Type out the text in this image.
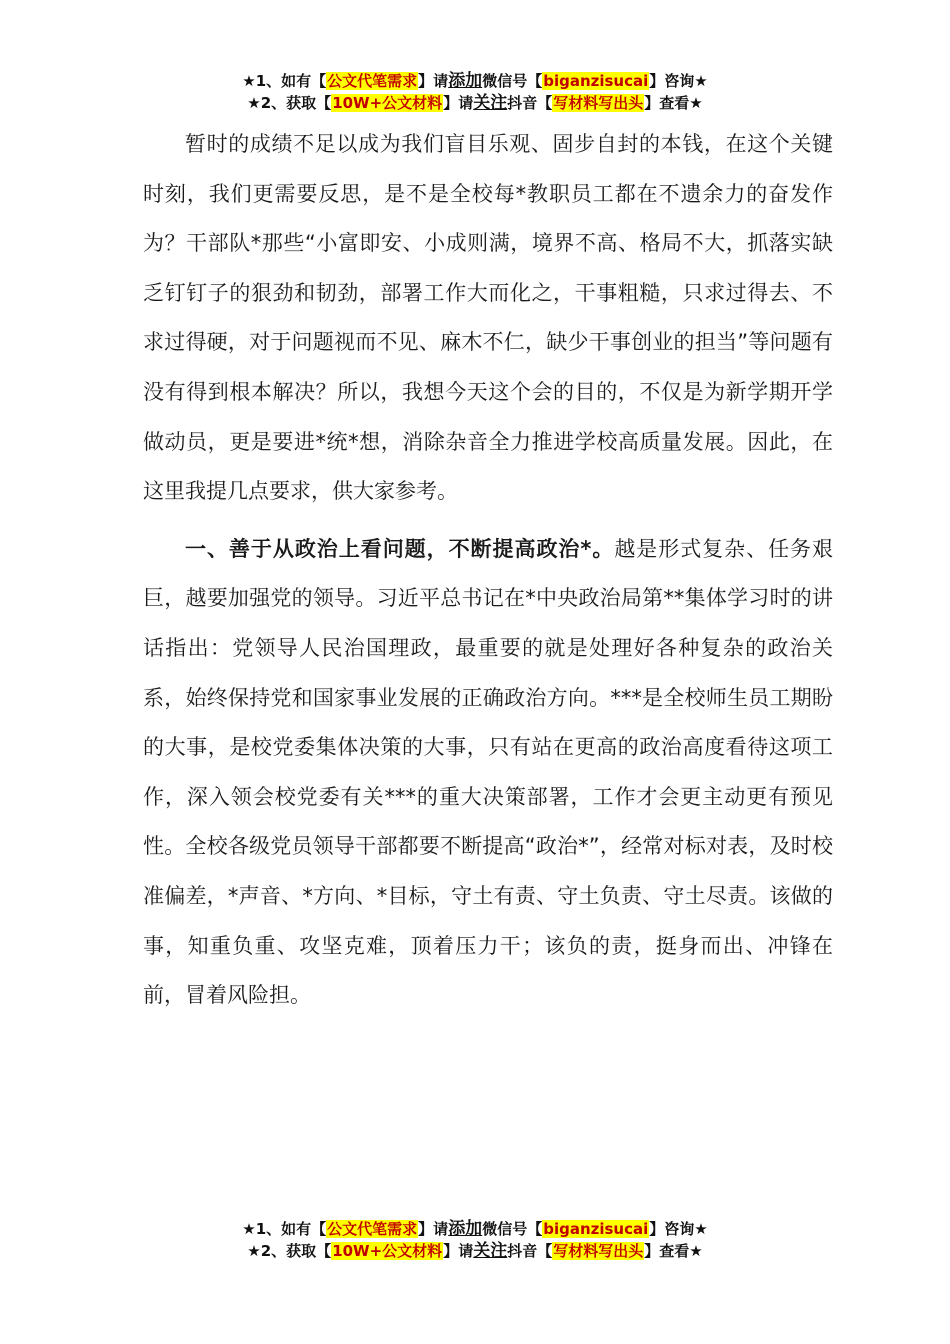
★1、如有【公文代笔需求】请添加微信号【biganzisucai】咨询★
★2、获取【10W+公文材料】请关注抖音【写材料写出头】查看★

暂时的成绩不足以成为我们盲目乐观、固步自封的本钱，在这个关键时刻，我们更需要反思，是不是全校每*教职员工都在不遗余力的奋发作为？干部队*那些“小富即安、小成则满，境界不高、格局不大，抓落实缺乏钉钉子的狠劲和韧劲，部署工作大而化之，干事粗糙，只求过得去、不求过得硬，对于问题视而不见、麻木不仁，缺少干事创业的担当”等问题有没有得到根本解决？所以，我想今天这个会的目的，不仅是为新学期开学做动员，更是要进*统*想，消除杂音全力推进学校高质量发展。因此，在这里我提几点要求，供大家参考。

一、善于从政治上看问题，不断提高政治*。越是形式复杂、任务艰巨，越要加强党的领导。习近平总书记在*中央政治局第**集体学习时的讲话指出：党领导人民治国理政，最重要的就是处理好各种复杂的政治关系，始终保持党和国家事业发展的正确政治方向。***是全校师生员工期盼的大事，是校党委集体决策的大事，只有站在更高的政治高度看待这项工作，深入领会校党委有关***的重大决策部署，工作才会更主动更有预见性。全校各级党员领导干部都要不断提高“政治*”，经常对标对表，及时校准偏差，*声音、*方向、*目标，守土有责、守土负责、守土尽责。该做的事，知重负重、攻坚克难，顶着压力干；该负的责，挺身而出、冲锋在前，冒着风险担。

★1、如有【公文代笔需求】请添加微信号【biganzisucai】咨询★
★2、获取【10W+公文材料】请关注抖音【写材料写出头】查看★
